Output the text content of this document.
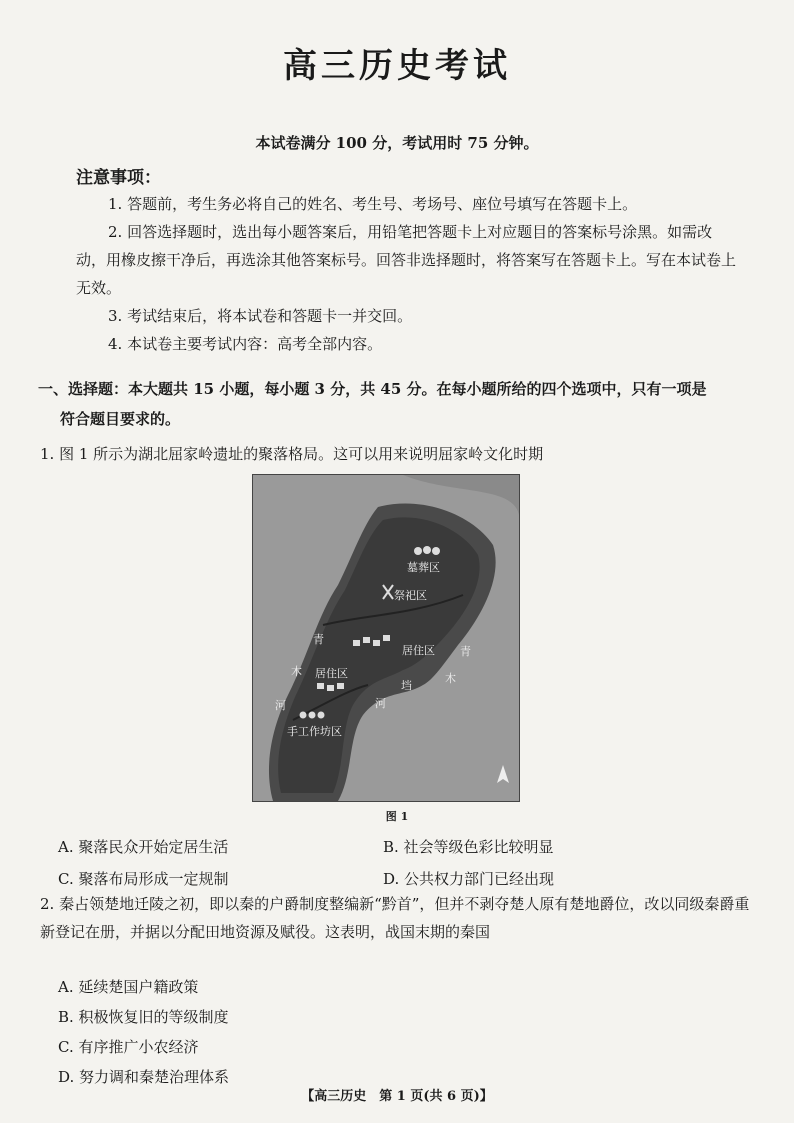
高三历史考试
本试卷满分 100 分，考试用时 75 分钟。
注意事项：

1. 答题前，考生务必将自己的姓名、考生号、考场号、座位号填写在答题卡上。

2. 回答选择题时，选出每小题答案后，用铅笔把答题卡上对应题目的答案标号涂黑。如需改动，用橡皮擦干净后，再选涂其他答案标号。回答非选择题时，将答案写在答题卡上。写在本试卷上无效。

3. 考试结束后，将本试卷和答题卡一并交回。

4. 本试卷主要考试内容：高考全部内容。

一、选择题：本大题共 15 小题，每小题 3 分，共 45 分。在每小题所给的四个选项中，只有一项是
符合题目要求的。
1. 图 1 所示为湖北屈家岭遗址的聚落格局。这可以用来说明屈家岭文化时期
墓葬区
祭祀区
居住区
居住区
手工作坊区
青
木
河
青
木
垱
河
图 1
A. 聚落民众开始定居生活	B. 社会等级色彩比较明显
C. 聚落布局形成一定规制	D. 公共权力部门已经出现
2. 秦占领楚地迁陵之初，即以秦的户爵制度整编新“黔首”，但并不剥夺楚人原有楚地爵位，改以同级秦爵重新登记在册，并据以分配田地资源及赋役。这表明，战国末期的秦国
A. 延续楚国户籍政策
B. 积极恢复旧的等级制度
C. 有序推广小农经济
D. 努力调和秦楚治理体系
【高三历史　第 1 页(共 6 页)】
